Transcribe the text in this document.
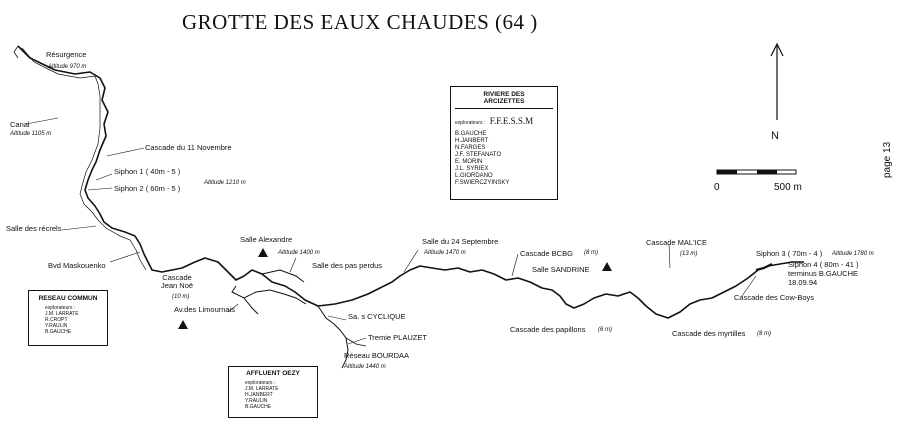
GROTTE DES EAUX CHAUDES (64 )
N
0	500 m
page 13
Résurgence
Altitude 970 m
Canal
Altitude 1105 m
Cascade du 11 Novembre
Siphon 1 ( 40m - 5 )
Altitude 1210 m
Siphon 2 ( 60m - 5 )
Salle des récrels
Bvd Maskouenko
Salle Alexandre
Altitude 1400 m
Salle des pas perdus
Cascade Jean Noë
(10 m)
Av.des Limournais
Salle du 24 Septembre
Altitude 1470 m	Cascade BCBG (8 m)
Salle SANDRINE
Cascade MAL'ICE
(13 m)	Siphon 3 ( 70m - 4 ) Altitude 1780 m
Siphon 4 ( 80m - 41 )
terminus B.GAUCHE
18.09.94
Sa. s CYCLIQUE
Tremie PLAUZET
Réseau BOURDAA
Altitude 1440 m
Cascade des papillons (6 m)	Cascade des myrtilles (8 m)
Cascade des Cow-Boys
RIVIERE DES
ARCIZETTES
explorateurs : F.F.E.S.S.M
B.GAUCHE
H.JANBERT
N.FARGES
J.F. STEFANATO
E. MORIN
J.L. SYRIEX
L.GIORDANO
F.SWIERCZYINSKY
RESEAU COMMUN
explorateurs :
J.M. LARRATE
R.CROPT
Y.RAULIN
B.GAUCHE
AFFLUENT OEZY
explorateurs :
J.M. LARRATE
H.JANBERT
Y.RAULIN
B.GAUCHE
